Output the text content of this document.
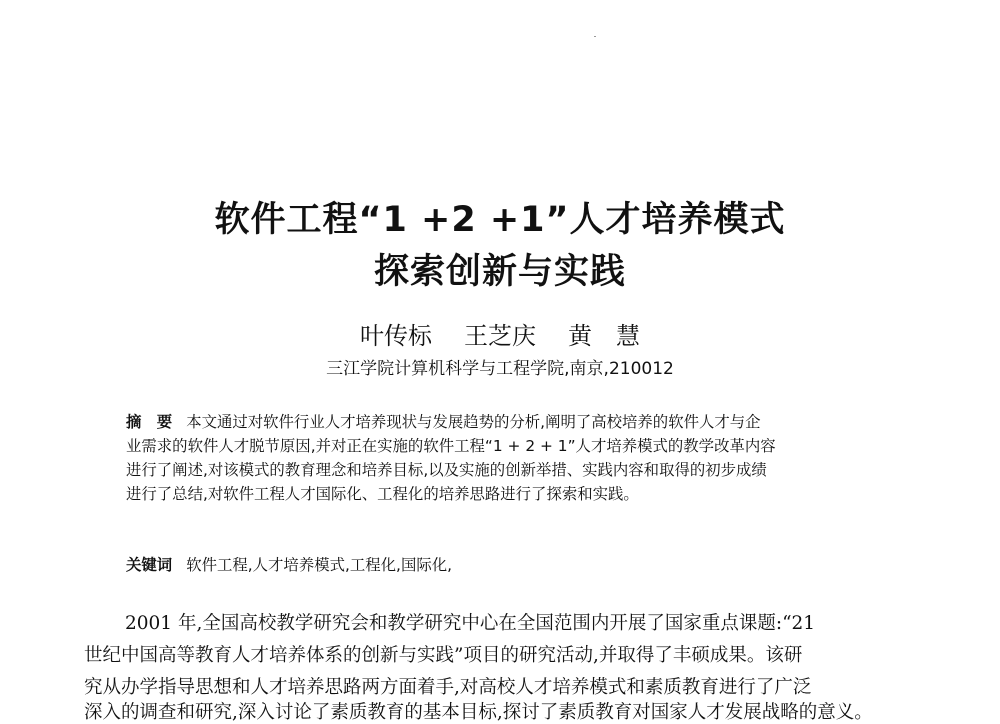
软件工程“1 +2 +1”人才培养模式
探索创新与实践
叶传标 王芝庆 黄　慧
三江学院计算机科学与工程学院,南京,210012
摘　要 本文通过对软件行业人才培养现状与发展趋势的分析,阐明了高校培养的软件人才与企
业需求的软件人才脱节原因,并对正在实施的软件工程“1 + 2 + 1”人才培养模式的教学改革内容
进行了阐述,对该模式的教育理念和培养目标,以及实施的创新举措、实践内容和取得的初步成绩
进行了总结,对软件工程人才国际化、工程化的培养思路进行了探索和实践。
关键词 软件工程,人才培养模式,工程化,国际化,
2001 年,全国高校教学研究会和教学研究中心在全国范围内开展了国家重点课题:“21
世纪中国高等教育人才培养体系的创新与实践”项目的研究活动,并取得了丰硕成果。该研
究从办学指导思想和人才培养思路两方面着手,对高校人才培养模式和素质教育进行了广泛
深入的调查和研究,深入讨论了素质教育的基本目标,探讨了素质教育对国家人才发展战略的意义。
